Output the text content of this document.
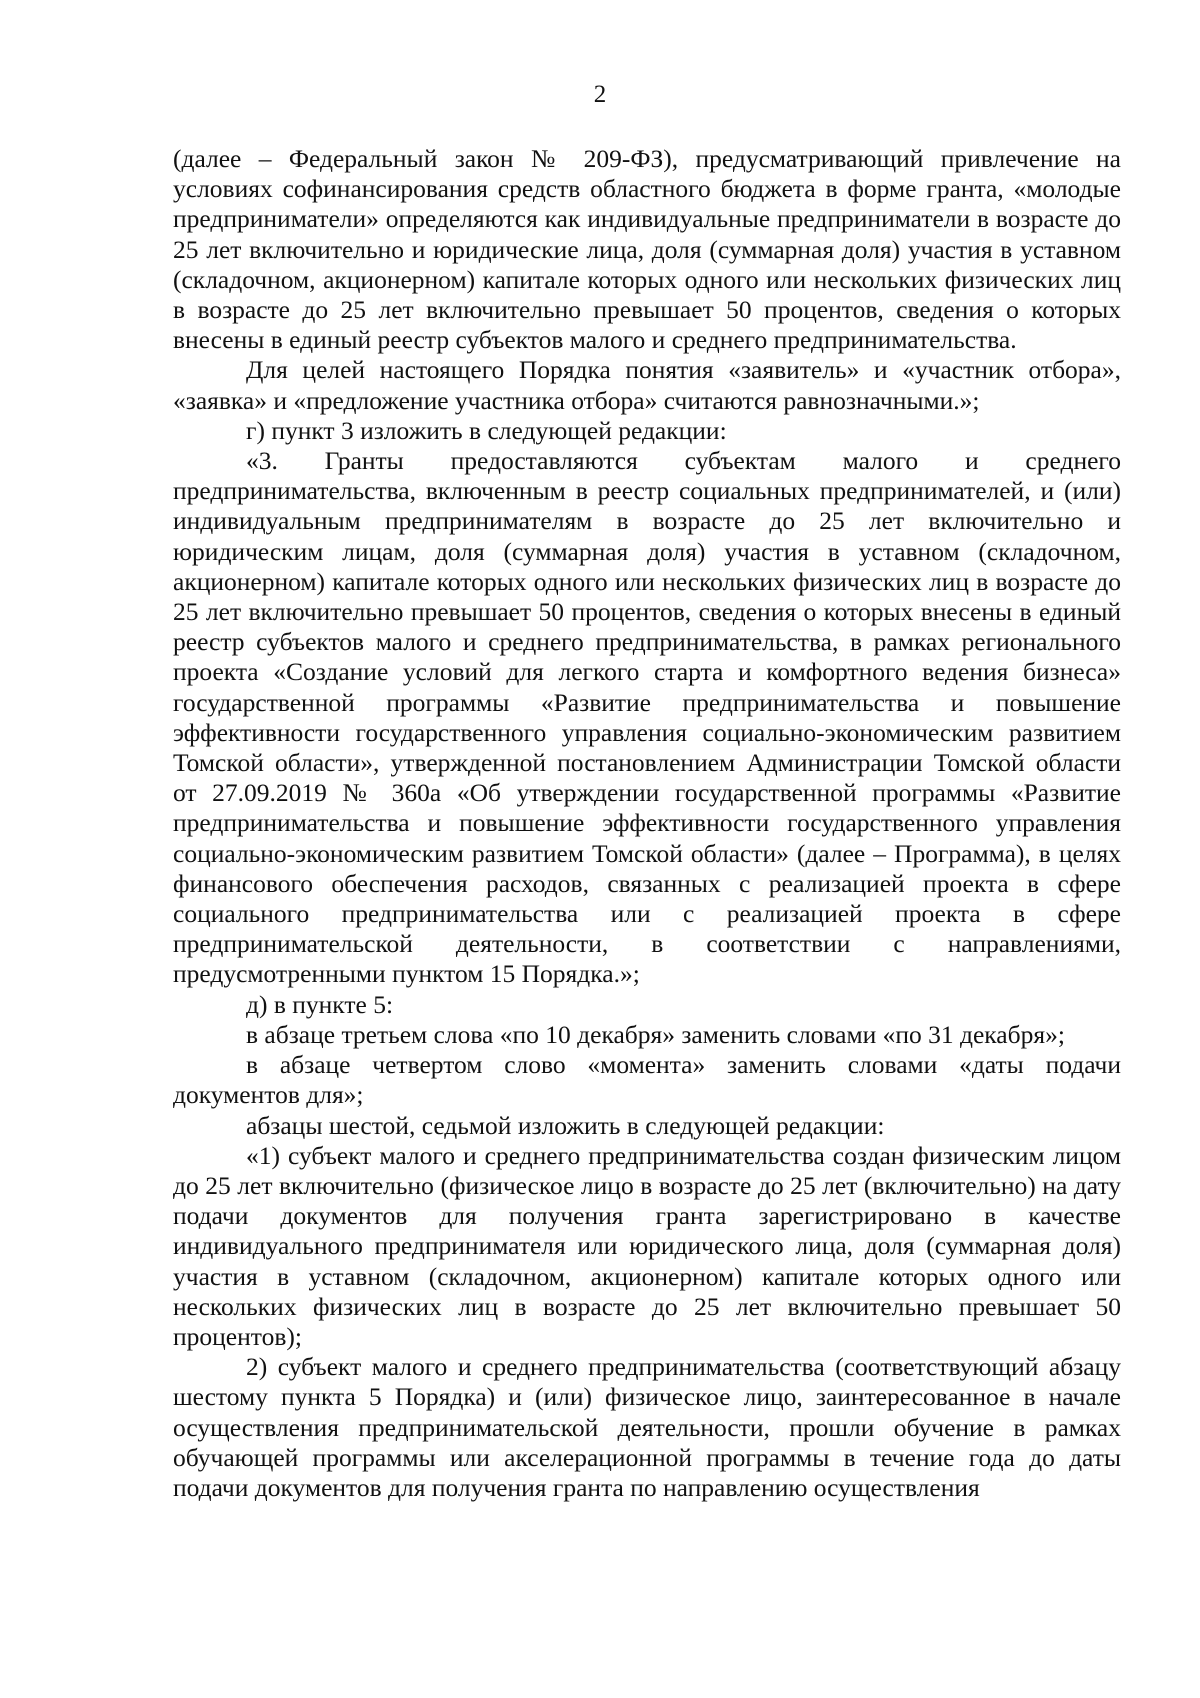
2

(далее – Федеральный закон № 209-ФЗ), предусматривающий привлечение на условиях софинансирования средств областного бюджета в форме гранта, «молодые предприниматели» определяются как индивидуальные предприниматели в возрасте до 25 лет включительно и юридические лица, доля (суммарная доля) участия в уставном (складочном, акционерном) капитале которых одного или нескольких физических лиц в возрасте до 25 лет включительно превышает 50 процентов, сведения о которых внесены в единый реестр субъектов малого и среднего предпринимательства.

Для целей настоящего Порядка понятия «заявитель» и «участник отбора», «заявка» и «предложение участника отбора» считаются равнозначными.»;

г) пункт 3 изложить в следующей редакции:

«3. Гранты предоставляются субъектам малого и среднего предпринимательства, включенным в реестр социальных предпринимателей, и (или) индивидуальным предпринимателям в возрасте до 25 лет включительно и юридическим лицам, доля (суммарная доля) участия в уставном (складочном, акционерном) капитале которых одного или нескольких физических лиц в возрасте до 25 лет включительно превышает 50 процентов, сведения о которых внесены в единый реестр субъектов малого и среднего предпринимательства, в рамках регионального проекта «Создание условий для легкого старта и комфортного ведения бизнеса» государственной программы «Развитие предпринимательства и повышение эффективности государственного управления социально-экономическим развитием Томской области», утвержденной постановлением Администрации Томской области от 27.09.2019 № 360а «Об утверждении государственной программы «Развитие предпринимательства и повышение эффективности государственного управления социально-экономическим развитием Томской области» (далее – Программа), в целях финансового обеспечения расходов, связанных с реализацией проекта в сфере социального предпринимательства или с реализацией проекта в сфере предпринимательской деятельности, в соответствии с направлениями, предусмотренными пунктом 15 Порядка.»;

д) в пункте 5:

в абзаце третьем слова «по 10 декабря» заменить словами «по 31 декабря»;

в абзаце четвертом слово «момента» заменить словами «даты подачи документов для»;

абзацы шестой, седьмой изложить в следующей редакции:

«1) субъект малого и среднего предпринимательства создан физическим лицом до 25 лет включительно (физическое лицо в возрасте до 25 лет (включительно) на дату подачи документов для получения гранта зарегистрировано в качестве индивидуального предпринимателя или юридического лица, доля (суммарная доля) участия в уставном (складочном, акционерном) капитале которых одного или нескольких физических лиц в возрасте до 25 лет включительно превышает 50 процентов);

2) субъект малого и среднего предпринимательства (соответствующий абзацу шестому пункта 5 Порядка) и (или) физическое лицо, заинтересованное в начале осуществления предпринимательской деятельности, прошли обучение в рамках обучающей программы или акселерационной программы в течение года до даты подачи документов для получения гранта по направлению осуществления
